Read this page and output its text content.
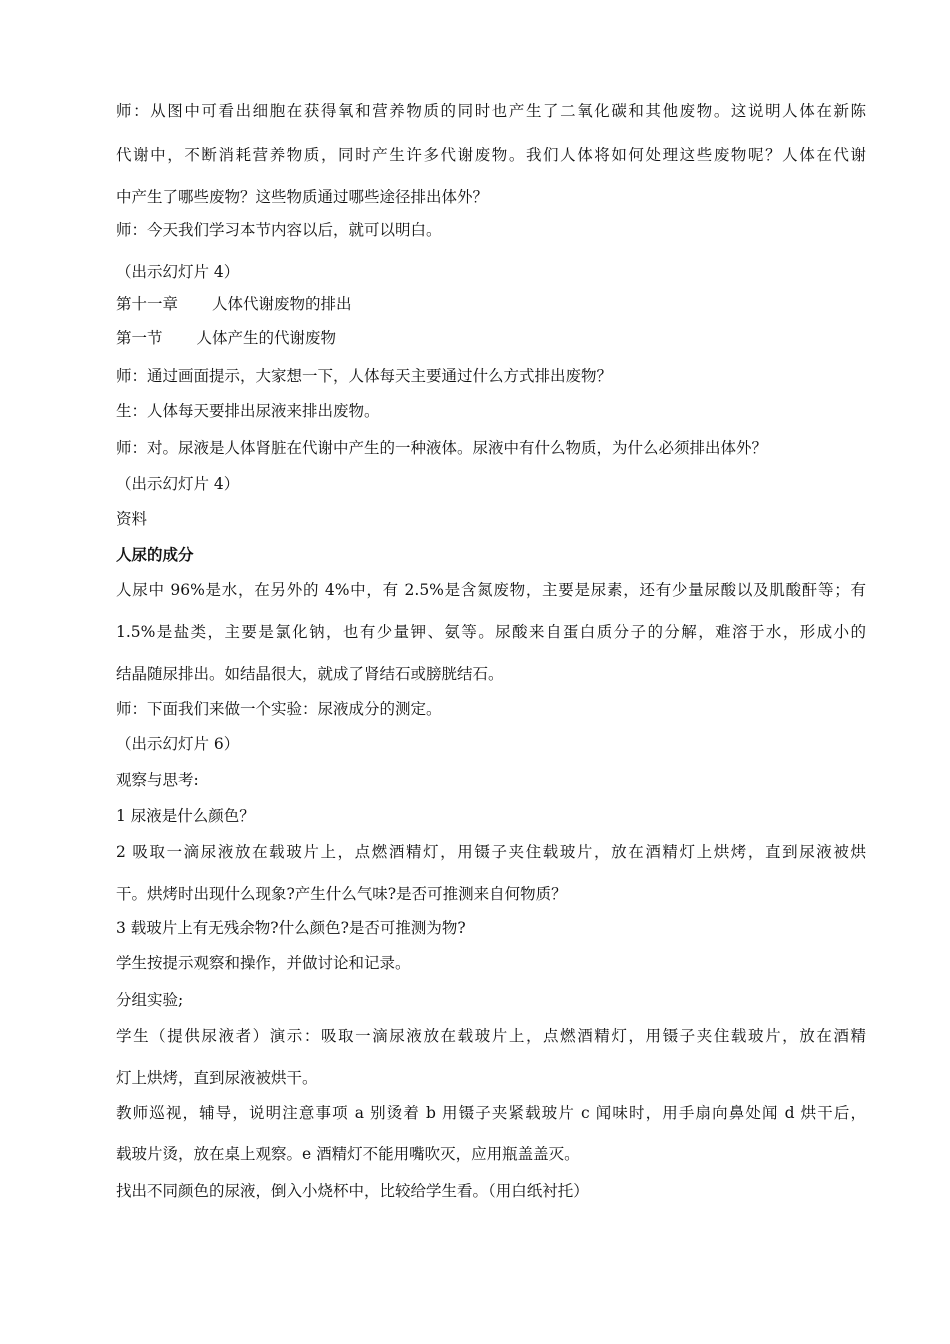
师：从图中可看出细胞在获得氧和营养物质的同时也产生了二氧化碳和其他废物。这说明人体在新陈
代谢中，不断消耗营养物质，同时产生许多代谢废物。我们人体将如何处理这些废物呢？人体在代谢
中产生了哪些废物？这些物质通过哪些途径排出体外？
师：今天我们学习本节内容以后，就可以明白。
（出示幻灯片 4）
第十一章 人体代谢废物的排出
第一节 人体产生的代谢废物
师：通过画面提示，大家想一下，人体每天主要通过什么方式排出废物？
生：人体每天要排出尿液来排出废物。
师：对。尿液是人体肾脏在代谢中产生的一种液体。尿液中有什么物质，为什么必须排出体外？
（出示幻灯片 4）
资料
人尿的成分
人尿中 96%是水，在另外的 4%中，有 2.5%是含氮废物，主要是尿素，还有少量尿酸以及肌酸酐等；有
1.5%是盐类，主要是氯化钠，也有少量钾、氨等。尿酸来自蛋白质分子的分解，难溶于水，形成小的
结晶随尿排出。如结晶很大，就成了肾结石或膀胱结石。
师：下面我们来做一个实验：尿液成分的测定。
（出示幻灯片 6）
观察与思考:
1 尿液是什么颜色？
2 吸取一滴尿液放在载玻片上，点燃酒精灯，用镊子夹住载玻片，放在酒精灯上烘烤，直到尿液被烘
干。烘烤时出现什么现象?产生什么气味?是否可推测来自何物质？
3 载玻片上有无残余物?什么颜色?是否可推测为物?
学生按提示观察和操作，并做讨论和记录。
分组实验;
学生（提供尿液者）演示：吸取一滴尿液放在载玻片上，点燃酒精灯，用镊子夹住载玻片，放在酒精
灯上烘烤，直到尿液被烘干。
教师巡视，辅导，说明注意事项 a 别烫着 b 用镊子夹紧载玻片 c 闻味时，用手扇向鼻处闻 d 烘干后，
载玻片烫，放在桌上观察。e 酒精灯不能用嘴吹灭，应用瓶盖盖灭。
找出不同颜色的尿液，倒入小烧杯中，比较给学生看。（用白纸衬托）
